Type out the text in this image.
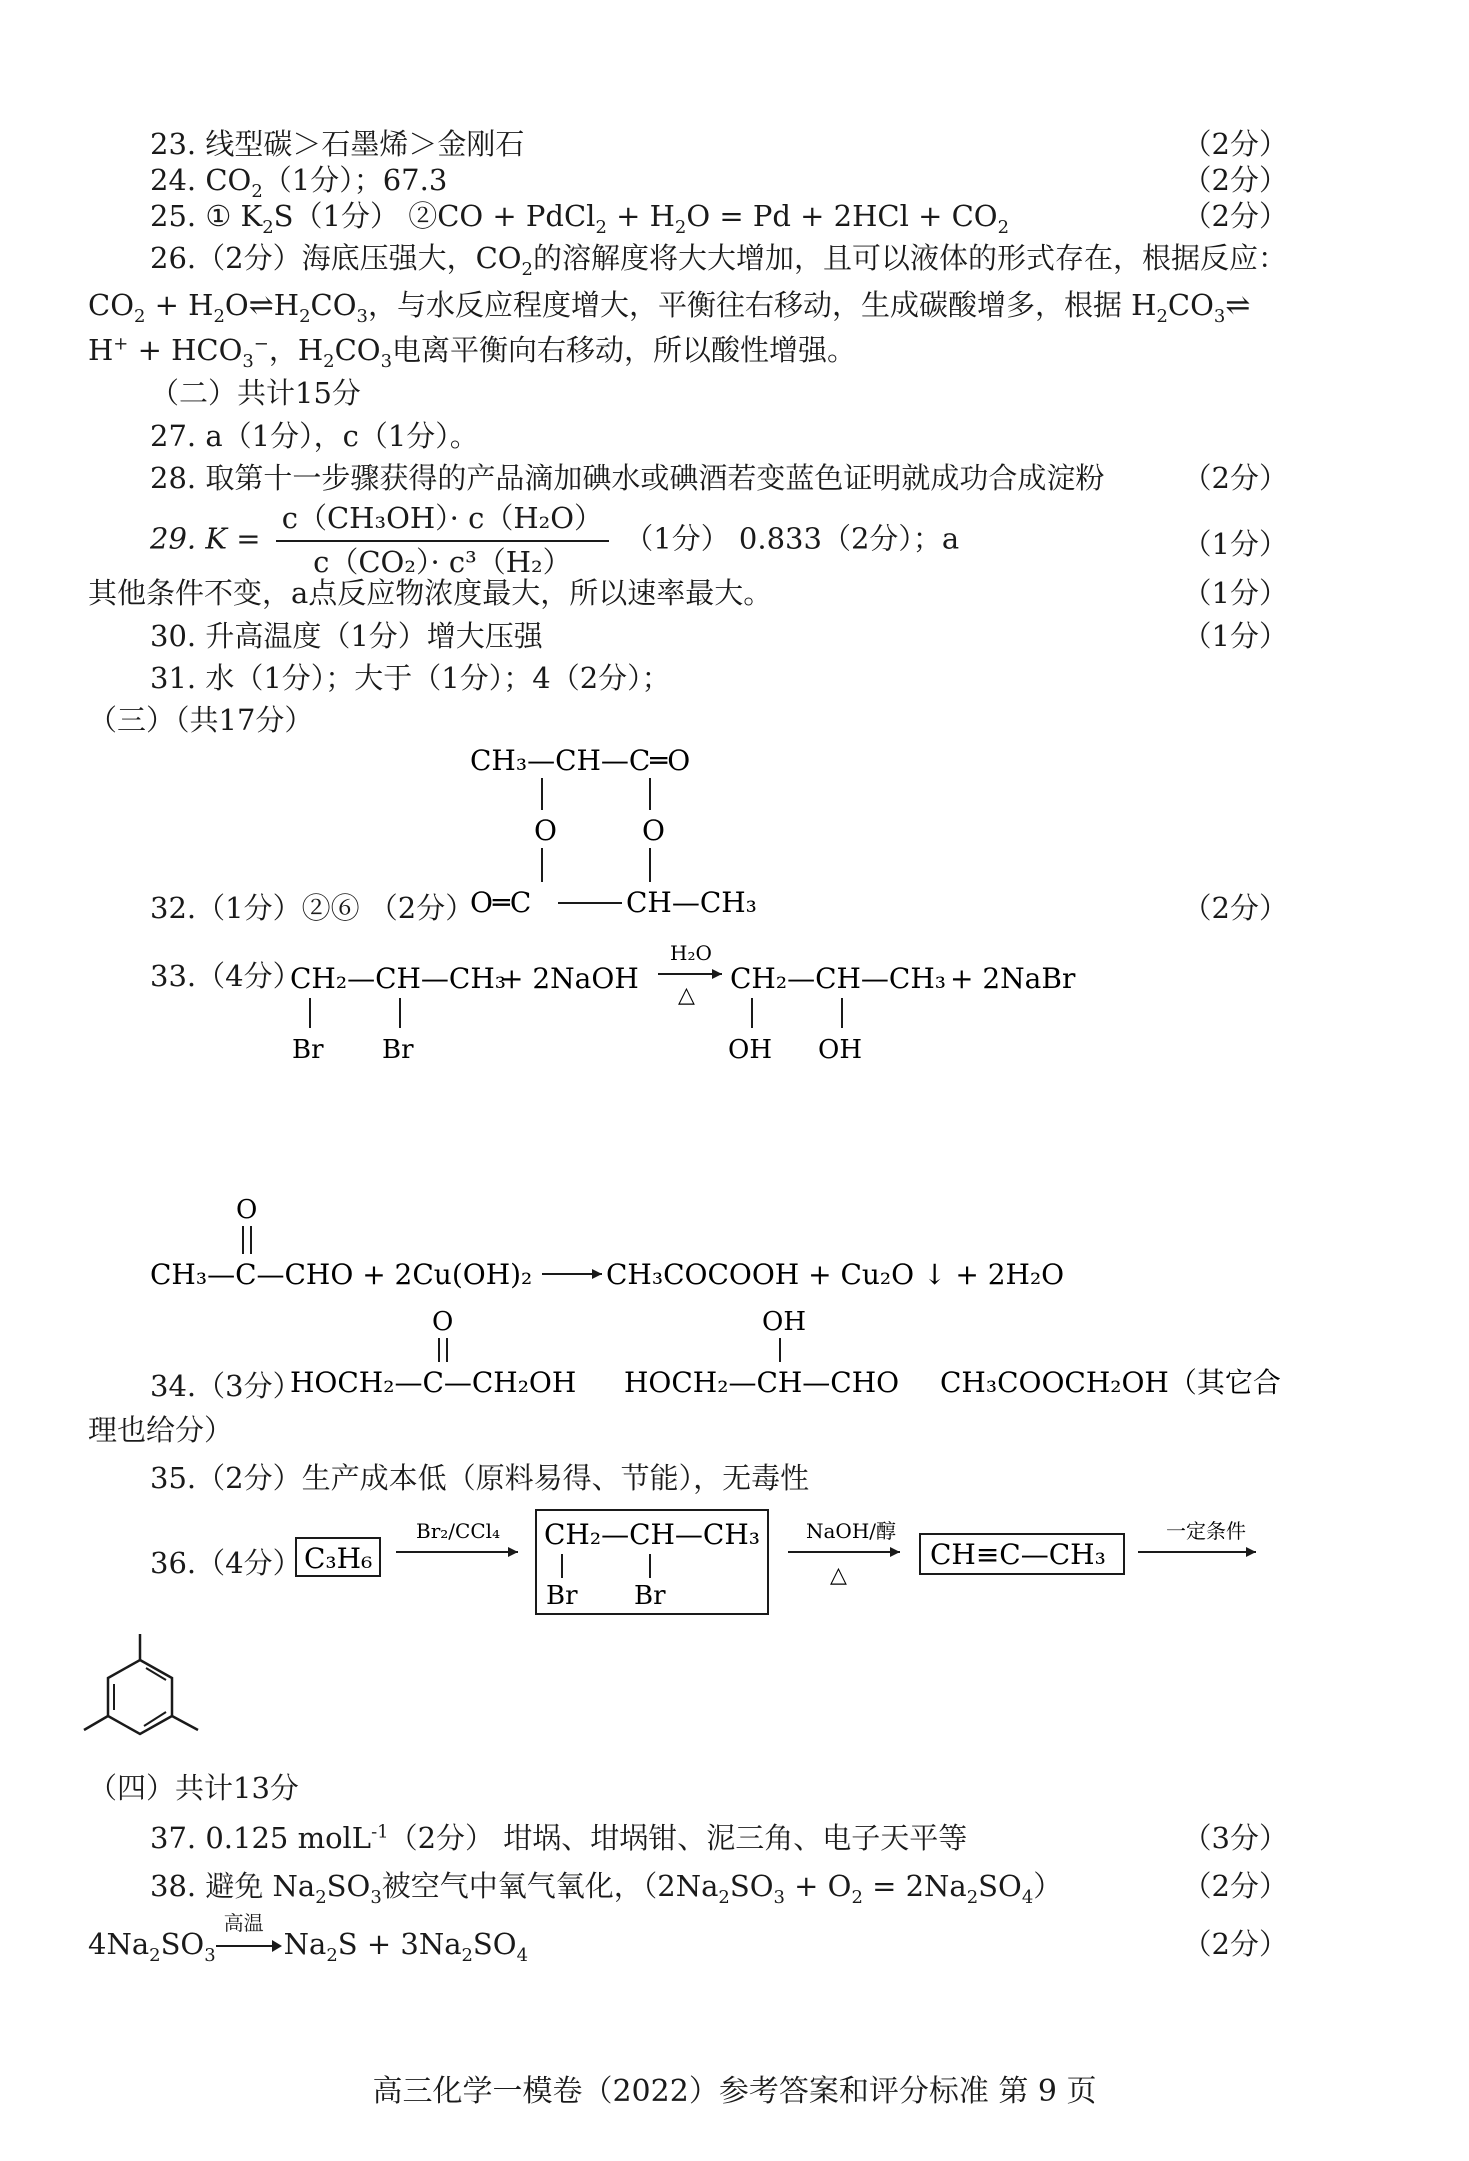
23. 线型碳＞石墨烯＞金刚石	（2分）
24. $CO_2(1$分）；67.3	（2分）
25. ① $K_2S(1$分） ②CO + PdCl$_2$ + $H_2O = Pd + 2HCl + CO_2$	（2分）
26.（2分）海底压强大，$CO_2$的溶解度将大大增加，且可以液体的形式存在，根据反应：
$CO_2$ + $H_2O\rightleftharpoons$ $H_2CO_3$，与水反应程度增大，平衡往右移动，生成碳酸增多，根据 $H_2CO_3\rightleftharpoons$
$H^+ + HCO_3^-$，$H_2CO_3$电离平衡向右移动，所以酸性增强。
（二）共计15分
27. a（1分），c（1分）。
28. 取第十一步骤获得的产品滴加碘水或碘酒若变蓝色证明就成功合成淀粉	（2分）
29. $K = \frac{\text{c（CH₃OH）· c（H₂O）}}{\text{c（CO₂）· c³（H₂）}} (1$分） 0.833（2分）；a	（1分）
其他条件不变，a点反应物浓度最大，所以速率最大。	（1分）
30. 升高温度（1分）增大压强	（1分）
31. 水（1分）；大于（1分）；4（2分）；
（三）（共17分）
CH₃—CH—C═O
O	O
O═C	CH—CH₃
32.（1分）②⑥ （2分）	（2分）
33.（4分）
CH₂—CH—CH₃
Br Br
+ 2NaOH
H₂O
△
CH₂—CH—CH₃
OH OH
+ 2NaBr
O
CH₃—C—CHO + 2Cu(OH)₂	CH₃COCOOH + Cu₂O ↓ + 2H₂O
O
HOCH₂—C—CH₂OH
OH
HOCH₂—CH—CHO CH₃COOCH₂OH（其它合
34.（3分）
理也给分）
35.（2分）生产成本低（原料易得、节能），无毒性
36.（4分） C₃H₆
Br₂/CCl₄ CH₂—CH—CH₃
Br Br
NaOH/醇
△
CH≡C—CH₃
一定条件
（四）共计13分
37. 0.125 molL$^{-1}$（2分） 坩埚、坩埚钳、泥三角、电子天平等	（3分）
38. 避免 $Na_2SO_3$被空气中氧气氧化，$(2Na_2SO_3 + O_2 = 2Na_2SO_4)$	（2分）
$4Na_2SO_3$
高温
$Na_2S + 3Na_2SO_4$	（2分）
高三化学一模卷（2022）参考答案和评分标准 第 9 页
